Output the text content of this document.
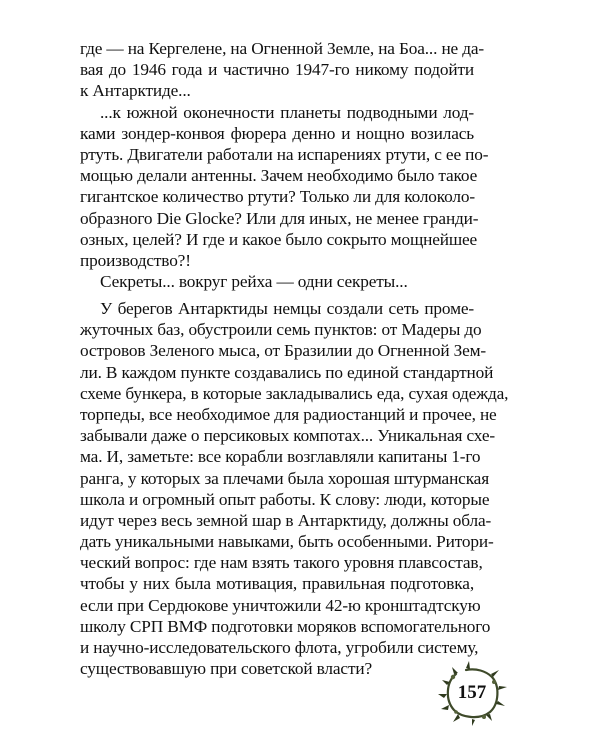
где — на Кергелене, на Огненной Земле, на Боа... не да-
вая до 1946 года и частично 1947-го никому подойти
к Антарктиде...
...к южной оконечности планеты подводными лод-
ками зондер-конвоя фюрера денно и нощно возилась
ртуть. Двигатели работали на испарениях ртути, с ее по-
мощью делали антенны. Зачем необходимо было такое
гигантское количество ртути? Только ли для колоколо-
образного Die Glocke? Или для иных, не менее гранди-
озных, целей? И где и какое было сокрыто мощнейшее
производство?!
Секреты... вокруг рейха — одни секреты...
У берегов Антарктиды немцы создали сеть проме-
жуточных баз, обустроили семь пунктов: от Мадеры до
островов Зеленого мыса, от Бразилии до Огненной Зем-
ли. В каждом пункте создавались по единой стандартной
схеме бункера, в которые закладывались еда, сухая одежда,
торпеды, все необходимое для радиостанций и прочее, не
забывали даже о персиковых компотах... Уникальная схе-
ма. И, заметьте: все корабли возглавляли капитаны 1-го
ранга, у которых за плечами была хорошая штурманская
школа и огромный опыт работы. К слову: люди, которые
идут через весь земной шар в Антарктиду, должны обла-
дать уникальными навыками, быть особенными. Ритори-
ческий вопрос: где нам взять такого уровня плавсостав,
чтобы у них была мотивация, правильная подготовка,
если при Сердюкове уничтожили 42-ю кронштадтскую
школу СРП ВМФ подготовки моряков вспомогательного
и научно-исследовательского флота, угробили систему,
существовавшую при советской власти?
157
